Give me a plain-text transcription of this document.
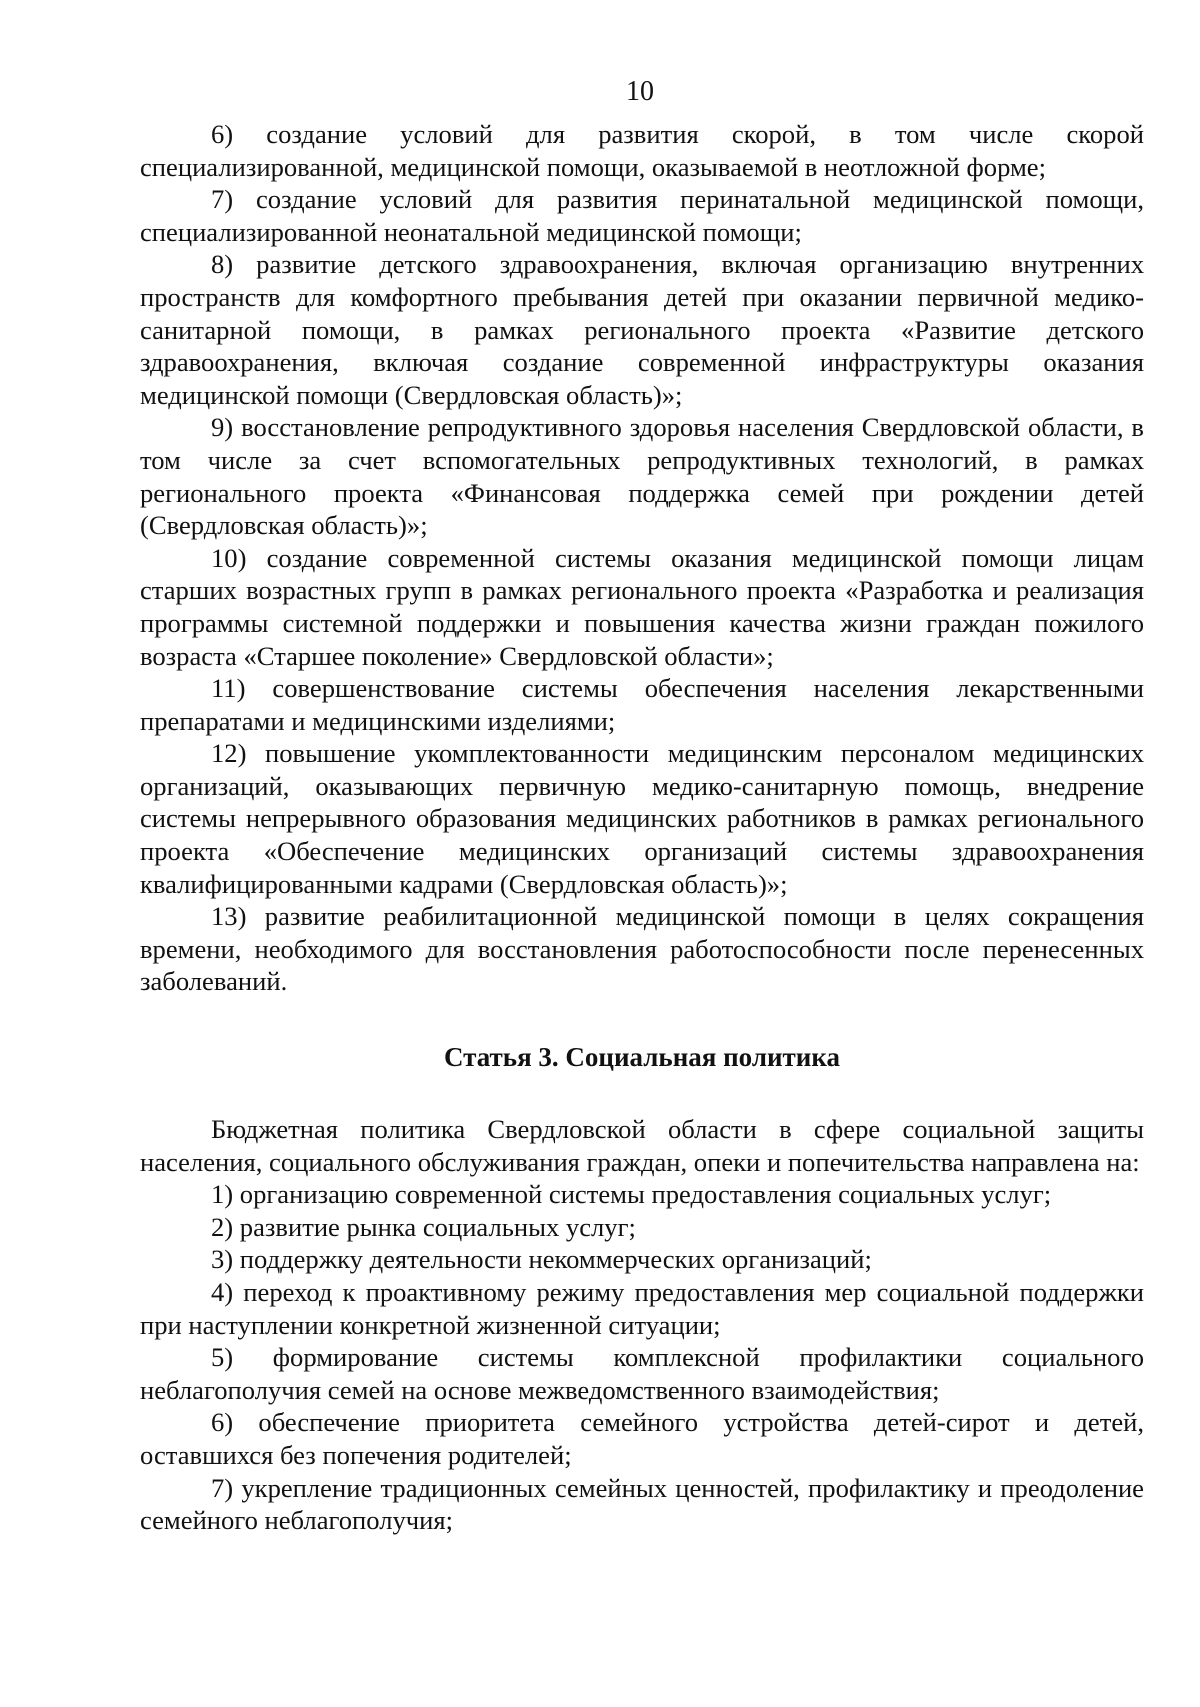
10

6) создание условий для развития скорой, в том числе скорой специализированной, медицинской помощи, оказываемой в неотложной форме;

7) создание условий для развития перинатальной медицинской помощи, специализированной неонатальной медицинской помощи;

8) развитие детского здравоохранения, включая организацию внутренних пространств для комфортного пребывания детей при оказании первичной медико-санитарной помощи, в рамках регионального проекта «Развитие детского здравоохранения, включая создание современной инфраструктуры оказания медицинской помощи (Свердловская область)»;

9) восстановление репродуктивного здоровья населения Свердловской области, в том числе за счет вспомогательных репродуктивных технологий, в рамках регионального проекта «Финансовая поддержка семей при рождении детей (Свердловская область)»;

10) создание современной системы оказания медицинской помощи лицам старших возрастных групп в рамках регионального проекта «Разработка и реализация программы системной поддержки и повышения качества жизни граждан пожилого возраста «Старшее поколение» Свердловской области»;

11) совершенствование системы обеспечения населения лекарственными препаратами и медицинскими изделиями;

12) повышение укомплектованности медицинским персоналом медицинских организаций, оказывающих первичную медико-санитарную помощь, внедрение системы непрерывного образования медицинских работников в рамках регионального проекта «Обеспечение медицинских организаций системы здравоохранения квалифицированными кадрами (Свердловская область)»;

13) развитие реабилитационной медицинской помощи в целях сокращения времени, необходимого для восстановления работоспособности после перенесенных заболеваний.

Статья 3. Социальная политика

Бюджетная политика Свердловской области в сфере социальной защиты населения, социального обслуживания граждан, опеки и попечительства направлена на:

1) организацию современной системы предоставления социальных услуг;

2) развитие рынка социальных услуг;

3) поддержку деятельности некоммерческих организаций;

4) переход к проактивному режиму предоставления мер социальной поддержки при наступлении конкретной жизненной ситуации;

5) формирование системы комплексной профилактики социального неблагополучия семей на основе межведомственного взаимодействия;

6) обеспечение приоритета семейного устройства детей-сирот и детей, оставшихся без попечения родителей;

7) укрепление традиционных семейных ценностей, профилактику и преодоление семейного неблагополучия;
